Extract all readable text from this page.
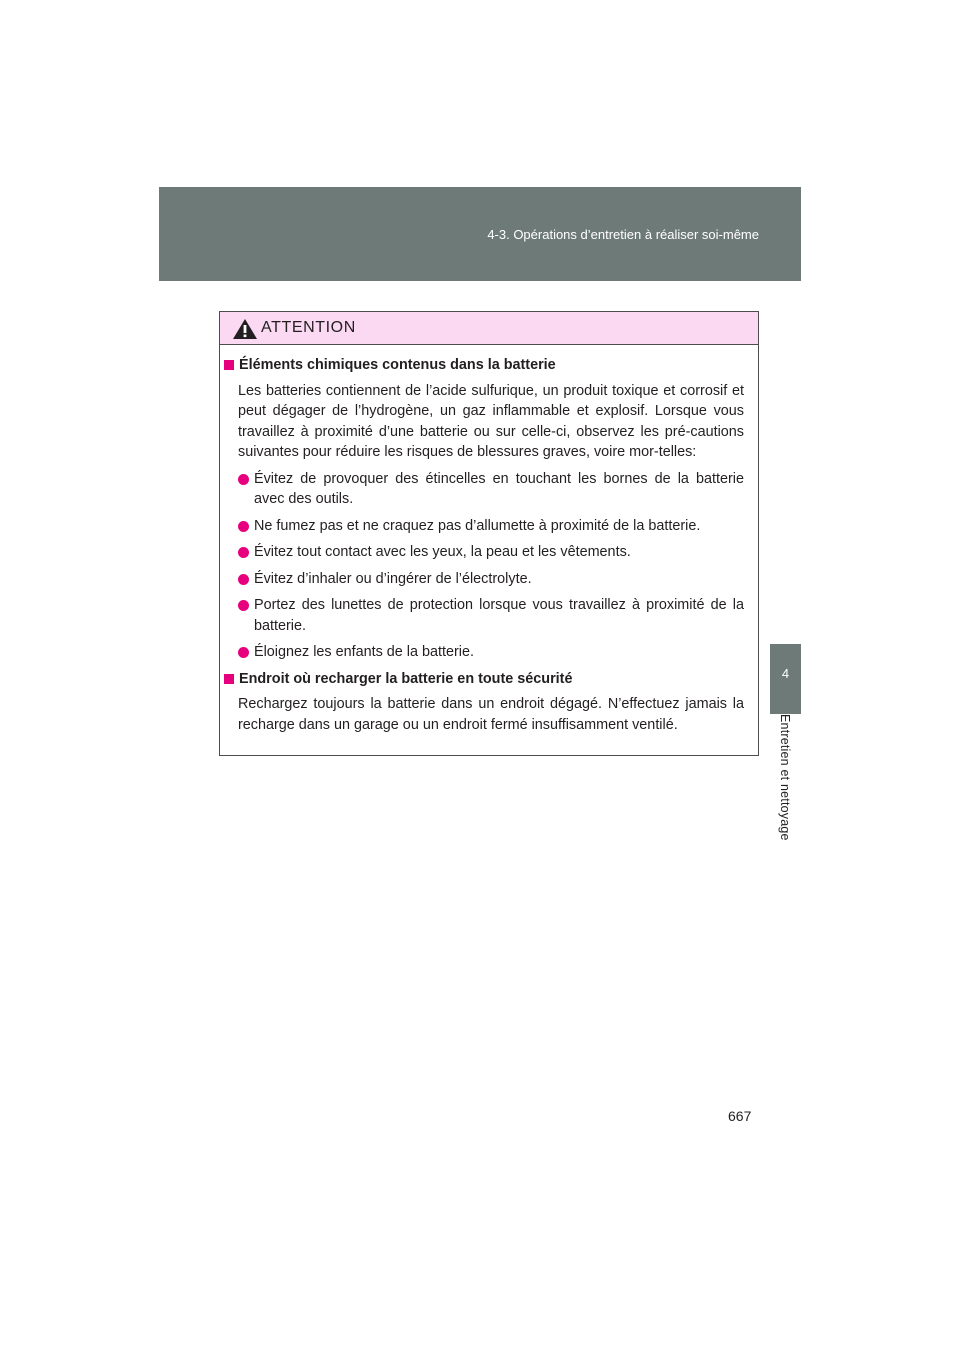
4-3. Opérations d’entretien à réaliser soi-même
4
Entretien et nettoyage
ATTENTION
Éléments chimiques contenus dans la batterie

Les batteries contiennent de l’acide sulfurique, un produit toxique et corrosif et peut dégager de l’hydrogène, un gaz inflammable et explosif. Lorsque vous travaillez à proximité d’une batterie ou sur celle-ci, observez les pré-cautions suivantes pour réduire les risques de blessures graves, voire mor-telles:

Évitez de provoquer des étincelles en touchant les bornes de la batterie avec des outils.
Ne fumez pas et ne craquez pas d’allumette à proximité de la batterie.
Évitez tout contact avec les yeux, la peau et les vêtements.
Évitez d’inhaler ou d’ingérer de l’électrolyte.
Portez des lunettes de protection lorsque vous travaillez à proximité de la batterie.
Éloignez les enfants de la batterie.
Endroit où recharger la batterie en toute sécurité

Rechargez toujours la batterie dans un endroit dégagé. N’effectuez jamais la recharge dans un garage ou un endroit fermé insuffisamment ventilé.

667
